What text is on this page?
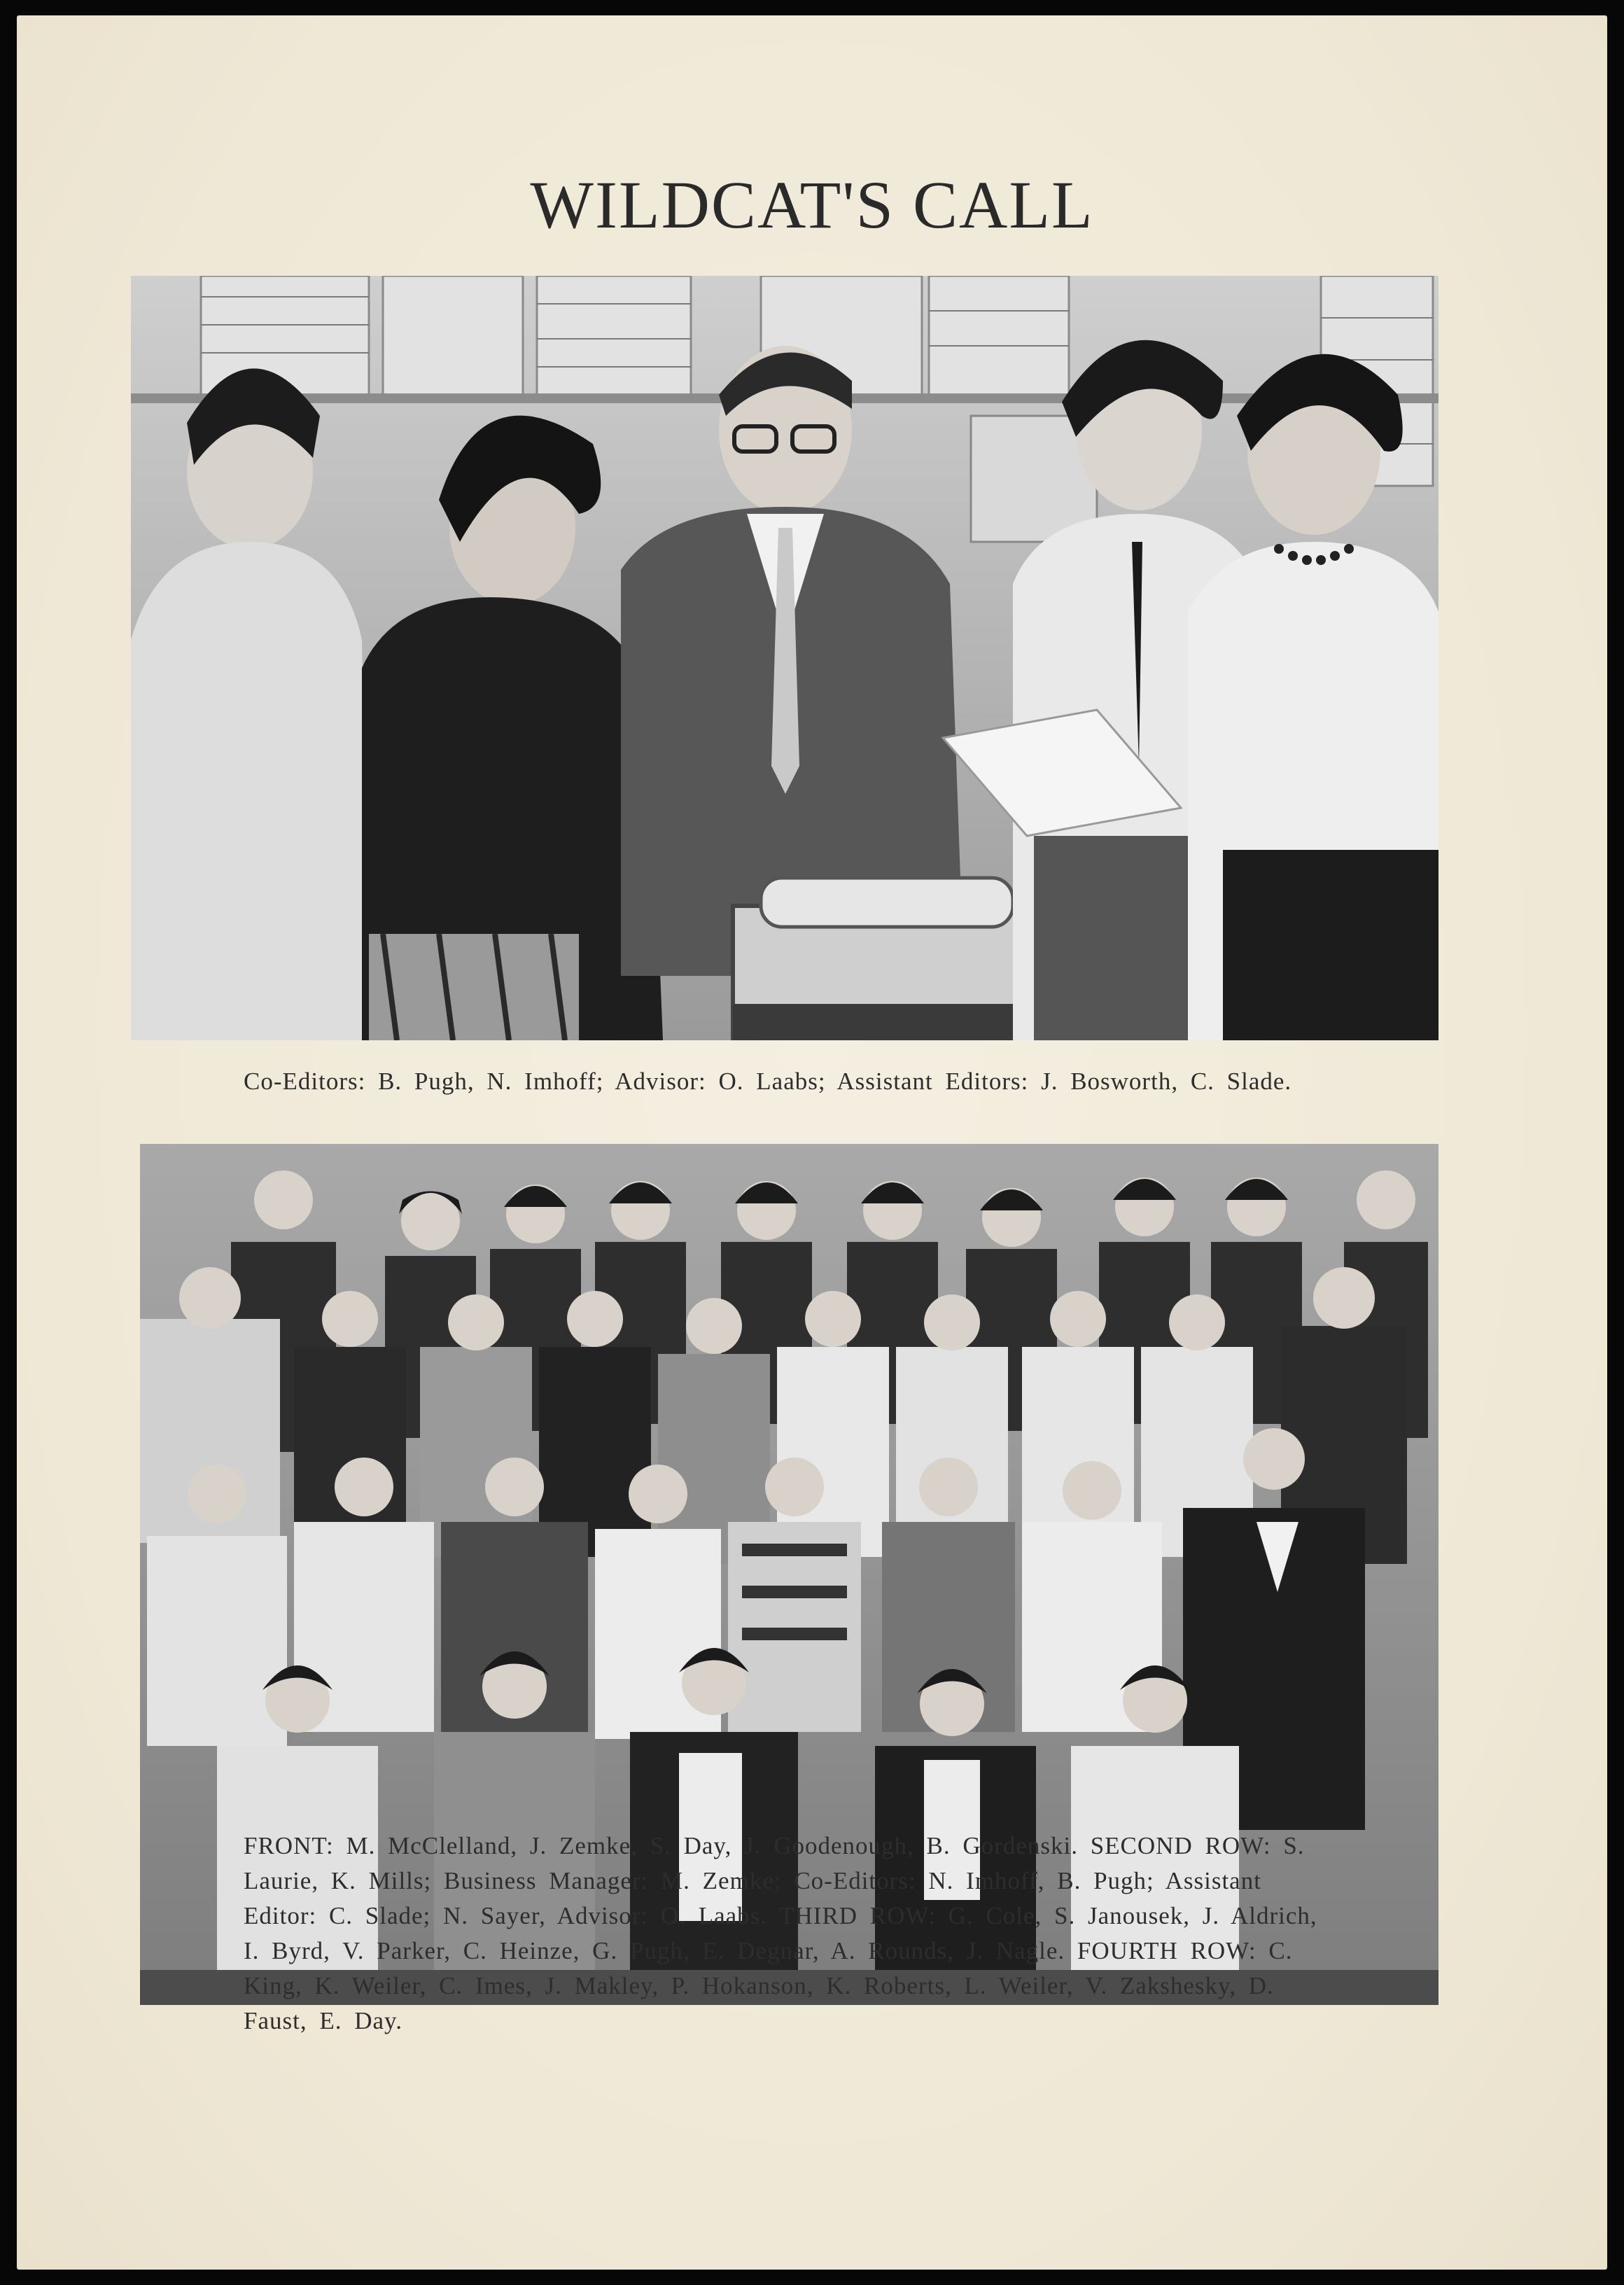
WILDCAT'S CALL
Co-Editors: B. Pugh, N. Imhoff; Advisor: O. Laabs; Assistant Editors: J. Bosworth, C. Slade.
FRONT: M. McClelland, J. Zemke, S. Day, J. Goodenough, B. Gordenski. SECOND ROW: S. Laurie, K. Mills; Business Manager: M. Zemke; Co-Editors: N. Imhoff, B. Pugh; Assistant Editor: C. Slade; N. Sayer, Advisor: O. Laabs. THIRD ROW: G. Cole, S. Janousek, J. Aldrich, I. Byrd, V. Parker, C. Heinze, G. Pugh, E. Degnar, A. Rounds, J. Nagle. FOURTH ROW: C. King, K. Weiler, C. Imes, J. Makley, P. Hokanson, K. Roberts, L. Weiler, V. Zakshesky, D. Faust, E. Day.
